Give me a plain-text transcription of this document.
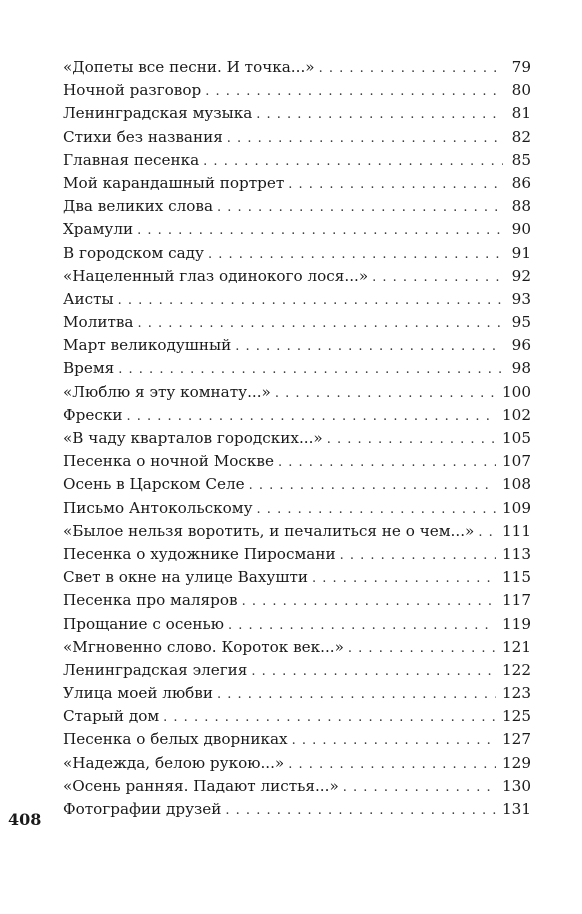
«Допеты все песни. И точка...» . . .	79
Ночной разговор . . .	80
Ленинградская музыка . . .	81
Стихи без названия . . .	82
Главная песенка . . .	85
Мой карандашный портрет . . .	86
Два великих слова . . .	88
Храмули . . .	90
В городском саду . . .	91
«Нацеленный глаз одинокого лося...» . . .	92
Аисты . . .	93
Молитва . . .	95
Март великодушный . . .	96
Время . . .	98
«Люблю я эту комнату...» . . .	100
Фрески . . .	102
«В чаду кварталов городских...» . . .	105
Песенка о ночной Москве . . .	107
Осень в Царском Селе . . .	108
Письмо Антокольскому . . .	109
«Былое нельзя воротить, и печалиться не о чем...» . . . 111
Песенка о художнике Пиросмани . . .	113
Свет в окне на улице Вахушти . . .	115
Песенка про маляров . . .	117
Прощание с осенью . . .	119
«Мгновенно слово. Короток век...» . . .	121
Ленинградская элегия . . .	122
Улица моей любви . . .	123
Старый дом . . .	125
Песенка о белых дворниках . . .	127
«Надежда, белою рукою...» . . .	129
«Осень ранняя. Падают листья...» . . .	130
Фотографии друзей . . .	131
408
